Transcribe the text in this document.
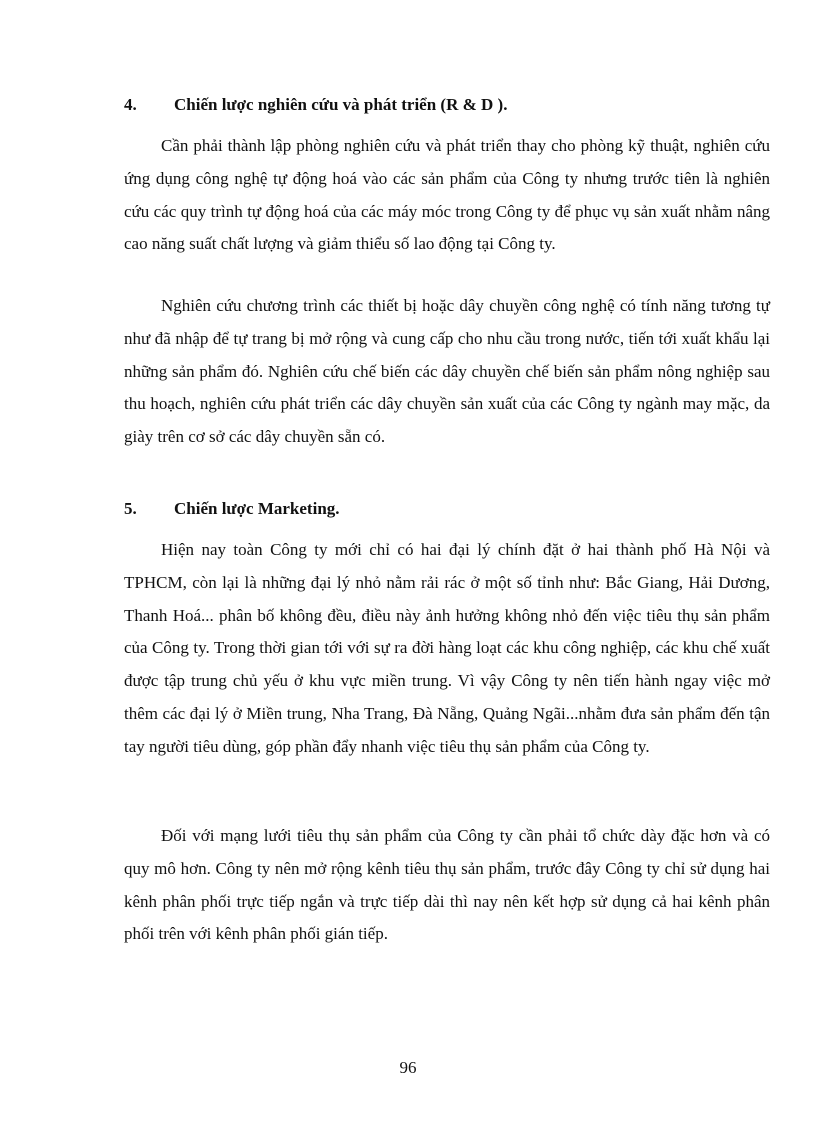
4. Chiến lược nghiên cứu và phát triển (R & D ).

Cần phải thành lập phòng nghiên cứu và phát triển thay cho phòng kỹ thuật, nghiên cứu ứng dụng công nghệ tự động hoá vào các sản phẩm của Công ty nhưng trước tiên là nghiên cứu các quy trình tự động hoá của các máy móc trong Công ty để phục vụ sản xuất nhằm nâng cao năng suất chất lượng và giảm thiểu số lao động tại Công ty.

Nghiên cứu chương trình các thiết bị hoặc dây chuyền công nghệ có tính năng tương tự như đã nhập để tự trang bị mở rộng và cung cấp cho nhu cầu trong nước, tiến tới xuất khẩu lại những sản phẩm đó. Nghiên cứu chế biến các dây chuyền chế biến sản phẩm nông nghiệp sau thu hoạch, nghiên cứu phát triển các dây chuyền sản xuất của các Công ty ngành may mặc, da giày trên cơ sở các dây chuyền sẵn có.

5. Chiến lược Marketing.

Hiện nay toàn Công ty mới chỉ có hai đại lý chính đặt ở hai thành phố Hà Nội và TPHCM, còn lại là những đại lý nhỏ nằm rải rác ở một số tỉnh như: Bắc Giang, Hải Dương, Thanh Hoá... phân bố không đều, điều này ảnh hưởng không nhỏ đến việc tiêu thụ sản phẩm của Công ty. Trong thời gian tới với sự ra đời hàng loạt các khu công nghiệp, các khu chế xuất được tập trung chủ yếu ở khu vực miền trung. Vì vậy Công ty nên tiến hành ngay việc mở thêm các đại lý ở Miền trung, Nha Trang, Đà Nẵng, Quảng Ngãi...nhằm đưa sản phẩm đến tận tay người tiêu dùng, góp phần đẩy nhanh việc tiêu thụ sản phẩm của Công ty.

Đối với mạng lưới tiêu thụ sản phẩm của Công ty cần phải tổ chức dày đặc hơn và có quy mô hơn. Công ty nên mở rộng kênh tiêu thụ sản phẩm, trước đây Công ty chỉ sử dụng hai kênh phân phối trực tiếp ngắn và trực tiếp dài thì nay nên kết hợp sử dụng cả hai kênh phân phối trên với kênh phân phối gián tiếp.

96
